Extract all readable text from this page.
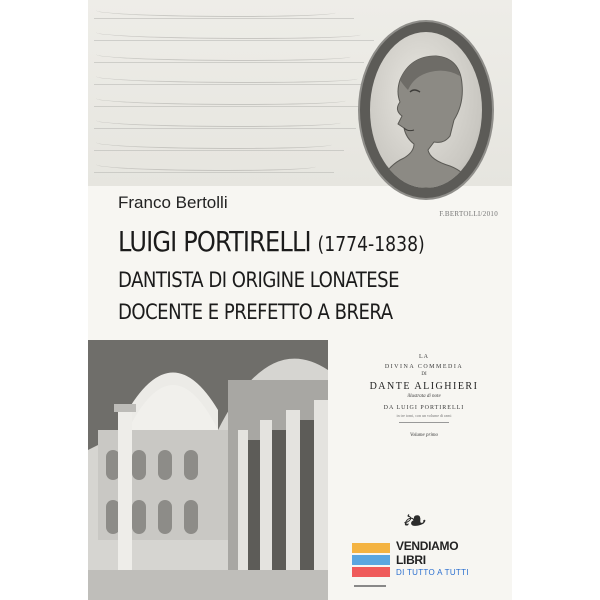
F.BERTOLLI/2010
Franco Bertolli
LUIGI PORTIRELLI (1774-1838)
DANTISTA DI ORIGINE LONATESE
DOCENTE E PREFETTO A BRERA
LA
DIVINA COMMEDIA
DI
DANTE ALIGHIERI
illustrata di note
DA LUIGI PORTIRELLI
in tre tomi, con un volume di rami
Volume primo
❧
VENDIAMO
LIBRI
DI TUTTO A TUTTI
